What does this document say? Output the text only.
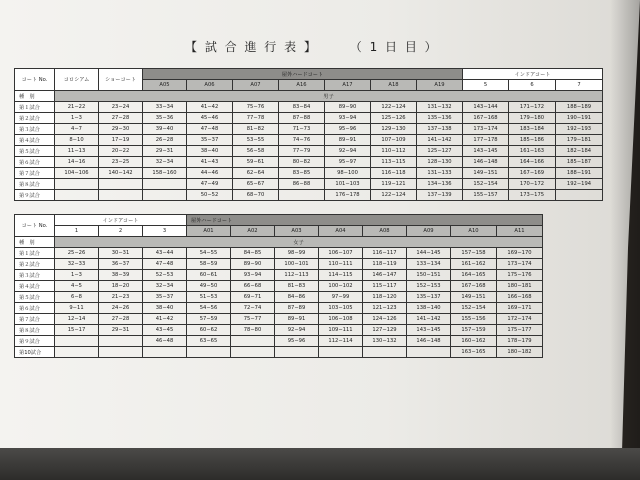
【 試 合 進 行 表 】	（ 1 日 目 ）
コート No.	コロシアム	ショーコート	屋外ハードコート							インドアコート		
			A05	A06	A07	A16	A17	A18	A19	5	6	7
種　別	男子											
第１試合	21−22	23−24	33−34	41−42	75−76	83−84	89−90	122−124	131−132	143−144	171−172	188−189
第２試合	1−3	27−28	35−36	45−46	77−78	87−88	93−94	125−126	135−136	167−168	179−180	190−191
第３試合	4−7	29−30	39−40	47−48	81−82	71−73	95−96	129−130	137−138	173−174	183−184	192−193
第４試合	8−10	17−19	26−28	35−37	53−55	74−76	89−91	107−109	141−142	177−178	185−186	179−181
第５試合	11−13	20−22	29−31	38−40	56−58	77−79	92−94	110−112	125−127	143−145	161−163	182−184
第６試合	14−16	23−25	32−34	41−43	59−61	80−82	95−97	113−115	128−130	146−148	164−166	185−187
第７試合	104−106	140−142	158−160	44−46	62−64	83−85	98−100	116−118	131−133	149−151	167−169	188−191
第８試合				47−49	65−67	86−88	101−103	119−121	134−136	152−154	170−172	192−194
第９試合				50−52	68−70		176−178	122−124	137−139	155−157	173−175	
コート No.	インドアコート			屋外ハードコート							
	1	2	3	A01	A02	A03	A04	A08	A09	A10	A11
種　別	女子										
第１試合	25−26	30−31	43−44	54−55	84−85	98−99	106−107	116−117	144−145	157−158	169−170
第２試合	32−33	36−37	47−48	58−59	89−90	100−101	110−111	118−119	133−134	161−162	173−174
第３試合	1−3	38−39	52−53	60−61	93−94	112−113	114−115	146−147	150−151	164−165	175−176
第４試合	4−5	18−20	32−34	49−50	66−68	81−83	100−102	115−117	152−153	167−168	180−181
第５試合	6−8	21−23	35−37	51−53	69−71	84−86	97−99	118−120	135−137	149−151	166−168
第６試合	9−11	24−26	38−40	54−56	72−74	87−89	103−105	121−123	138−140	152−154	169−171
第７試合	12−14	27−28	41−42	57−59	75−77	89−91	106−108	124−126	141−142	155−156	172−174
第８試合	15−17	29−31	43−45	60−62	78−80	92−94	109−111	127−129	143−145	157−159	175−177
第９試合			46−48	63−65		95−96	112−114	130−132	146−148	160−162	178−179
第10試合										163−165	180−182
